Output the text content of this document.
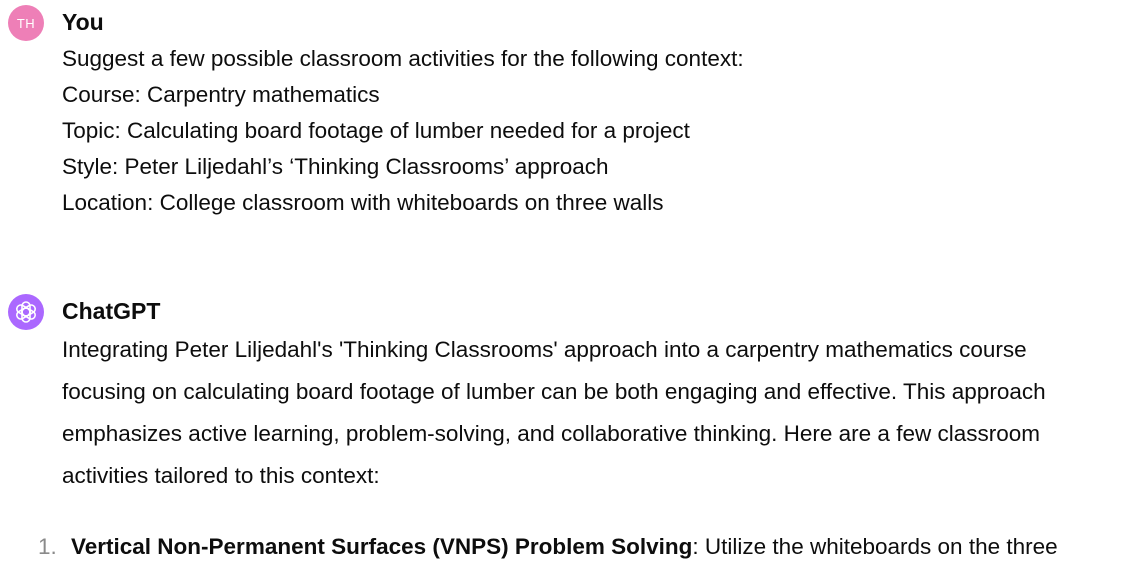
TH	You
Suggest a few possible classroom activities for the following context:
Course: Carpentry mathematics
Topic: Calculating board footage of lumber needed for a project
Style: Peter Liljedahl’s ‘Thinking Classrooms’ approach
Location: College classroom with whiteboards on three walls
ChatGPT

Integrating Peter Liljedahl's 'Thinking Classrooms' approach into a carpentry mathematics course focusing on calculating board footage of lumber can be both engaging and effective. This approach emphasizes active learning, problem-solving, and collaborative thinking. Here are a few classroom activities tailored to this context:

1. Vertical Non-Permanent Surfaces (VNPS) Problem Solving: Utilize the whiteboards on the three
